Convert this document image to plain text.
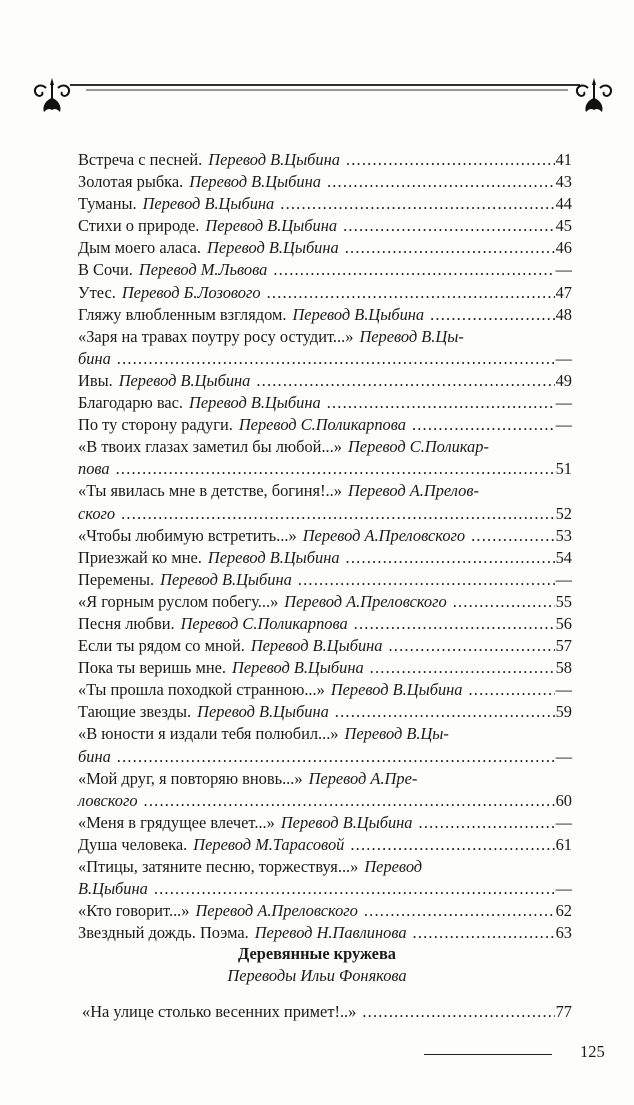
Встреча с песней. Перевод В.Цыбина .....	41
Золотая рыбка. Перевод В.Цыбина .....	43
Туманы. Перевод В.Цыбина .....	44
Стихи о природе. Перевод В.Цыбина .....	45
Дым моего аласа. Перевод В.Цыбина .....	46
В Сочи. Перевод М.Львова .....	—
Утес. Перевод Б.Лозового .....	47
Гляжу влюбленным взглядом. Перевод В.Цыбина .....	48
«Заря на травах поутру росу остудит...» Перевод В.Цы-
бина .....	—
Ивы. Перевод В.Цыбина .....	49
Благодарю вас. Перевод В.Цыбина .....	—
По ту сторону радуги. Перевод С.Поликарпова .....	—
«В твоих глазах заметил бы любой...» Перевод С.Поликар-
пова .....	51
«Ты явилась мне в детстве, богиня!..» Перевод А.Прелов-
ского .....	52
«Чтобы любимую встретить...» Перевод А.Преловского .....	53
Приезжай ко мне. Перевод В.Цыбина .....	54
Перемены. Перевод В.Цыбина .....	—
«Я горным руслом побегу...» Перевод А.Преловского .....	55
Песня любви. Перевод С.Поликарпова .....	56
Если ты рядом со мной. Перевод В.Цыбина .....	57
Пока ты веришь мне. Перевод В.Цыбина .....	58
«Ты прошла походкой странною...» Перевод В.Цыбина .....	—
Тающие звезды. Перевод В.Цыбина .....	59
«В юности я издали тебя полюбил...» Перевод В.Цы-
бина .....	—
«Мой друг, я повторяю вновь...» Перевод А.Пре-
ловского .....	60
«Меня в грядущее влечет...» Перевод В.Цыбина .....	—
Душа человека. Перевод М.Тарасовой .....	61
«Птицы, затяните песню, торжествуя...» Перевод
В.Цыбина .....	—
«Кто говорит...» Перевод А.Преловского .....	62
Звездный дождь. Поэма. Перевод Н.Павлинова .....	63
Деревянные кружева
Переводы Ильи Фонякова
«На улице столько весенних примет!..» .....	77
125
